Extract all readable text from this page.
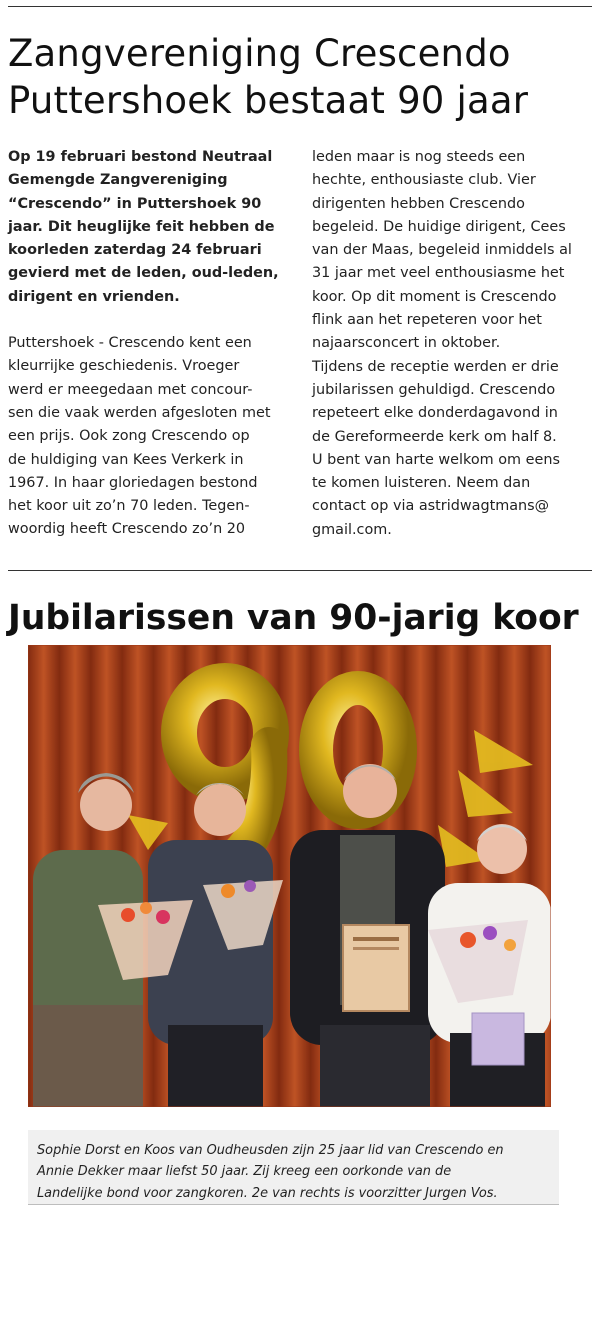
Zangvereniging Crescendo
Puttershoek bestaat 90 jaar
Op 19 februari bestond Neutraal
Gemengde Zangvereniging
“Crescendo” in Puttershoek 90
jaar. Dit heuglijke feit hebben de
koorleden zaterdag 24 februari
gevierd met de leden, oud-leden,
dirigent en vrienden.
Puttershoek - Crescendo kent een
kleurrijke geschiedenis. Vroeger
werd er meegedaan met concour-
sen die vaak werden afgesloten met
een prijs. Ook zong Crescendo op
de huldiging van Kees Verkerk in
1967. In haar gloriedagen bestond
het koor uit zo’n 70 leden. Tegen-
woordig heeft Crescendo zo’n 20
leden maar is nog steeds een
hechte, enthousiaste club. Vier
dirigenten hebben Crescendo
begeleid. De huidige dirigent, Cees
van der Maas, begeleid inmiddels al
31 jaar met veel enthousiasme het
koor. Op dit moment is Crescendo
flink aan het repeteren voor het
najaarsconcert in oktober.
Tijdens de receptie werden er drie
jubilarissen gehuldigd. Crescendo
repeteert elke donderdagavond in
de Gereformeerde kerk om half 8.
U bent van harte welkom om eens
te komen luisteren. Neem dan
contact op via astridwagtmans@
gmail.com.
Jubilarissen van 90-jarig koor
Sophie Dorst en Koos van Oudheusden zijn 25 jaar lid van Crescendo en
Annie Dekker maar liefst 50 jaar. Zij kreeg een oorkonde van de
Landelijke bond voor zangkoren. 2e van rechts is voorzitter Jurgen Vos.
